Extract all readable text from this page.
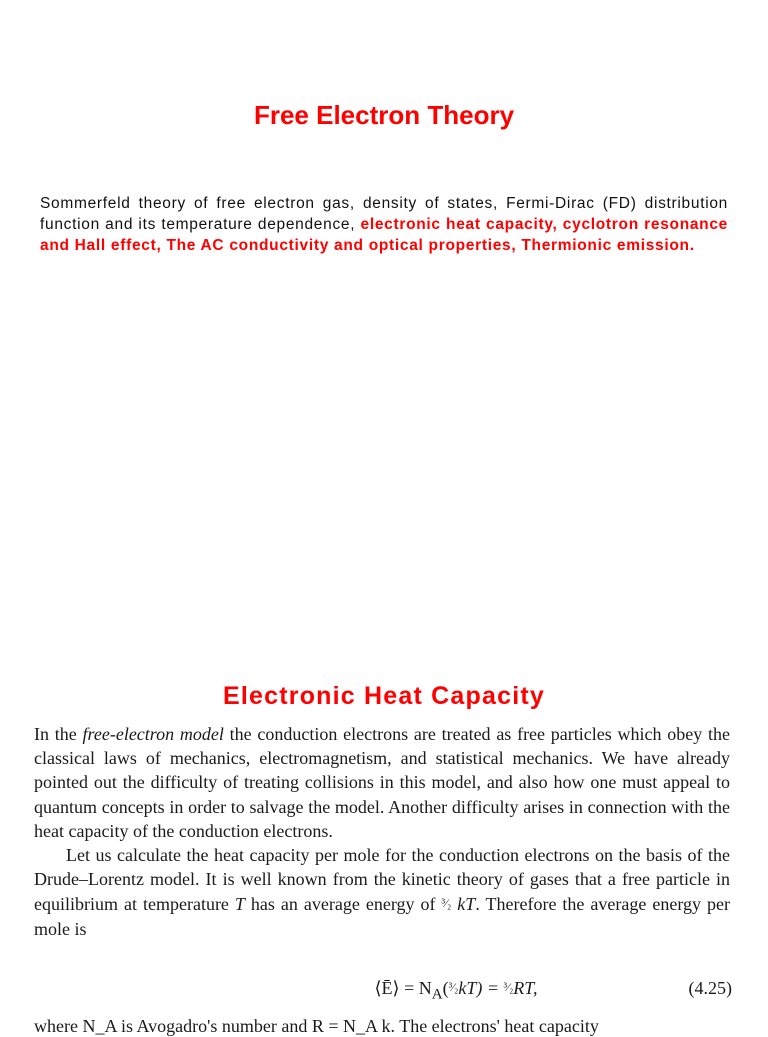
Free Electron Theory
Sommerfeld theory of free electron gas, density of states, Fermi-Dirac (FD) distribution function and its temperature dependence, electronic heat capacity, cyclotron resonance and Hall effect, The AC conductivity and optical properties, Thermionic emission.
Electronic Heat Capacity

In the free-electron model the conduction electrons are treated as free particles which obey the classical laws of mechanics, electromagnetism, and statistical mechanics. We have already pointed out the difficulty of treating collisions in this model, and also how one must appeal to quantum concepts in order to salvage the model. Another difficulty arises in connection with the heat capacity of the conduction electrons.

Let us calculate the heat capacity per mole for the conduction electrons on the basis of the Drude–Lorentz model. It is well known from the kinetic theory of gases that a free particle in equilibrium at temperature T has an average energy of ³⁄₂ kT. Therefore the average energy per mole is

⟨Ē⟩ = $N_A(^3⁄_2kT)$ = ³⁄₂RT,	(4.25)
where N_A is Avogadro's number and R = N_A k. The electrons' heat capacity
